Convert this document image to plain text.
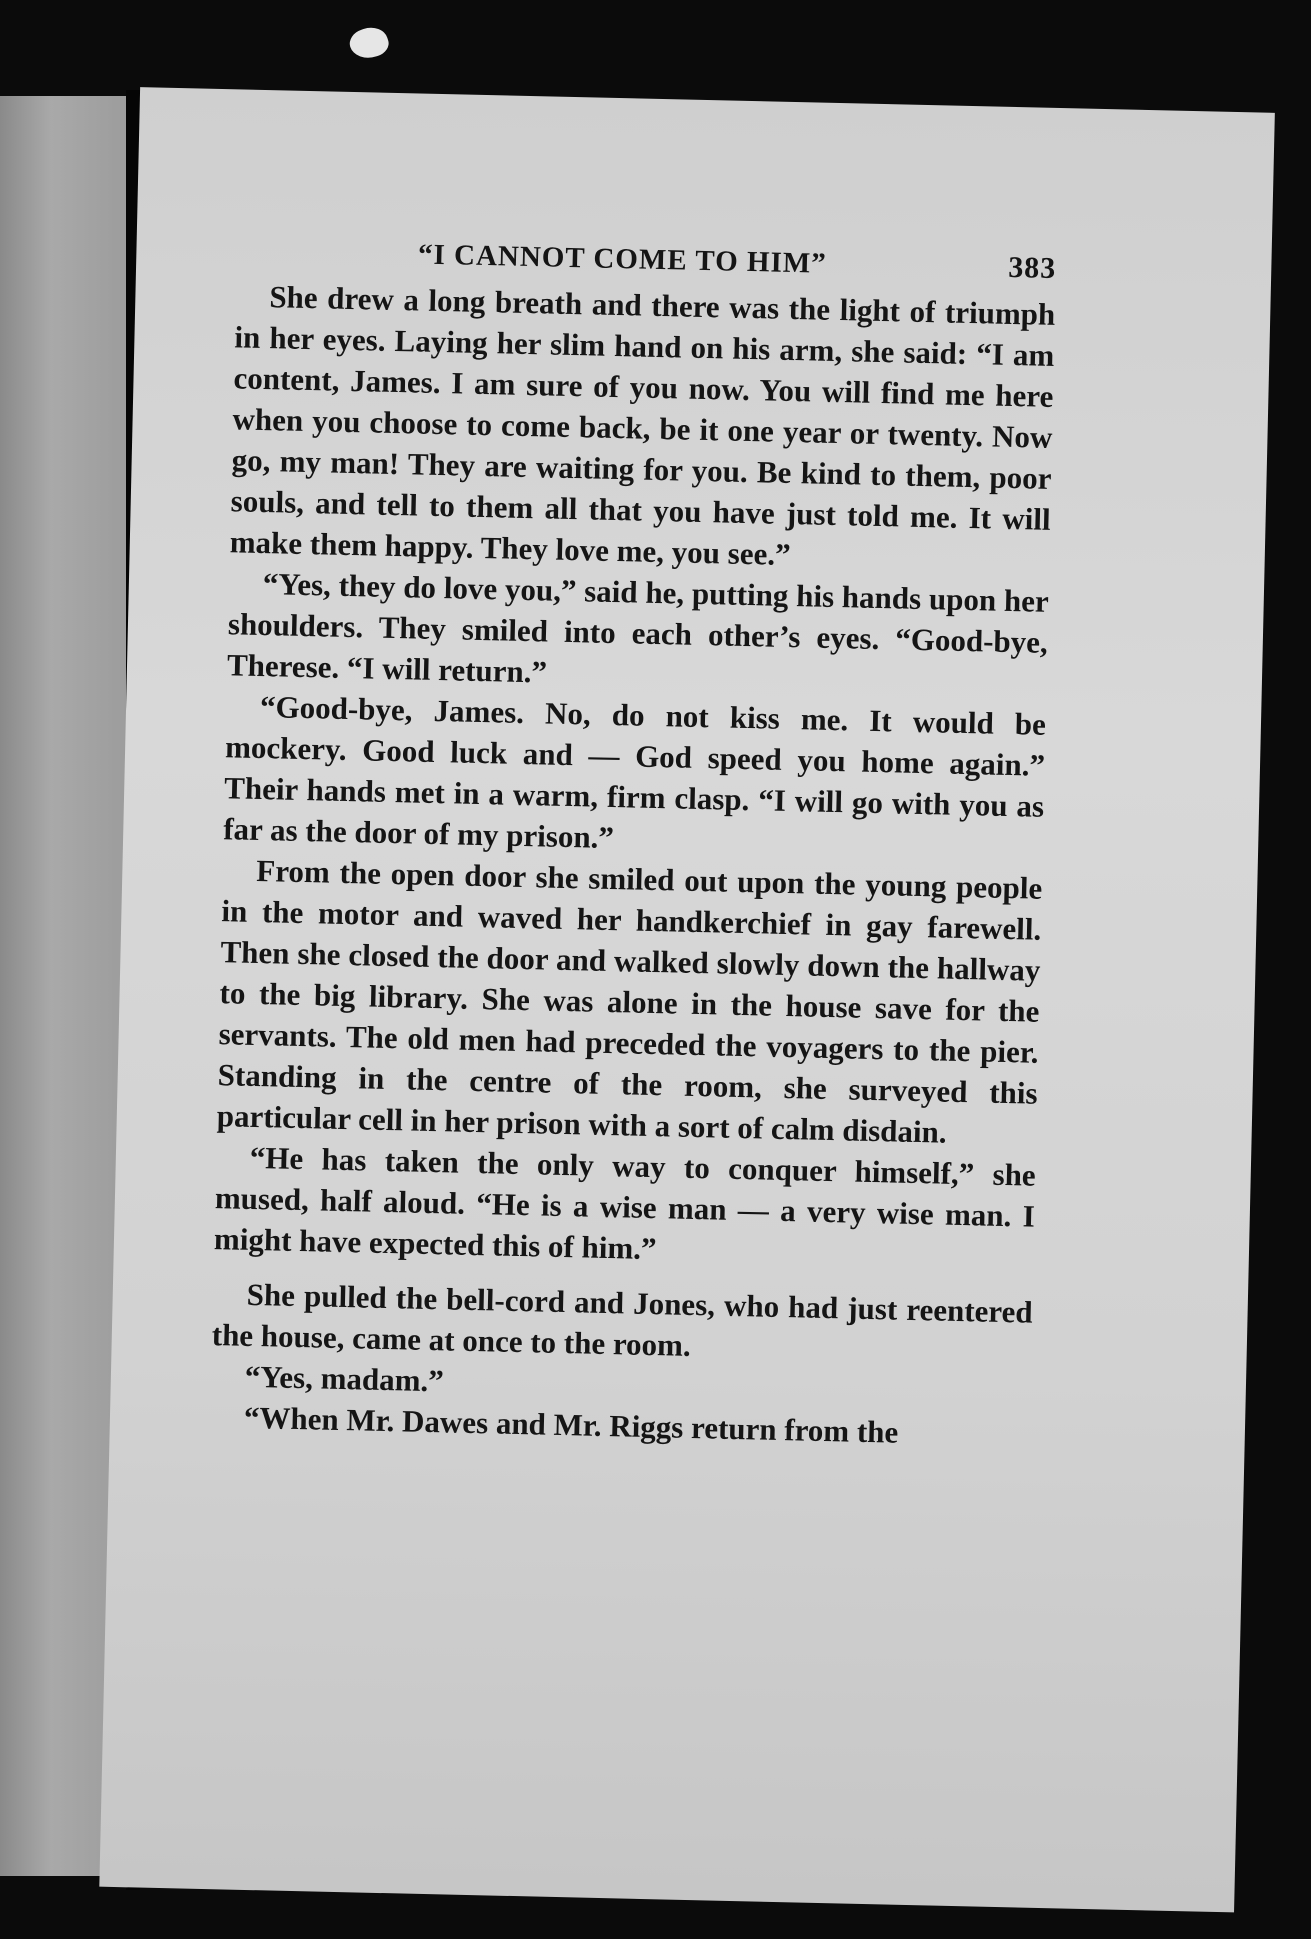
“I CANNOT COME TO HIM”	383

She drew a long breath and there was the light of triumph in her eyes. Laying her slim hand on his arm, she said: “I am content, James. I am sure of you now. You will find me here when you choose to come back, be it one year or twenty. Now go, my man! They are waiting for you. Be kind to them, poor souls, and tell to them all that you have just told me. It will make them happy. They love me, you see.”

“Yes, they do love you,” said he, putting his hands upon her shoulders. They smiled into each other’s eyes. “Good-bye, Therese. “I will return.”

“Good-bye, James. No, do not kiss me. It would be mockery. Good luck and — God speed you home again.” Their hands met in a warm, firm clasp. “I will go with you as far as the door of my prison.”

From the open door she smiled out upon the young people in the motor and waved her handkerchief in gay farewell. Then she closed the door and walked slowly down the hallway to the big library. She was alone in the house save for the servants. The old men had preceded the voyagers to the pier. Standing in the centre of the room, she surveyed this particular cell in her prison with a sort of calm disdain.

“He has taken the only way to conquer himself,” she mused, half aloud. “He is a wise man — a very wise man. I might have expected this of him.”

She pulled the bell-cord and Jones, who had just reentered the house, came at once to the room.

“Yes, madam.”

“When Mr. Dawes and Mr. Riggs return from the
